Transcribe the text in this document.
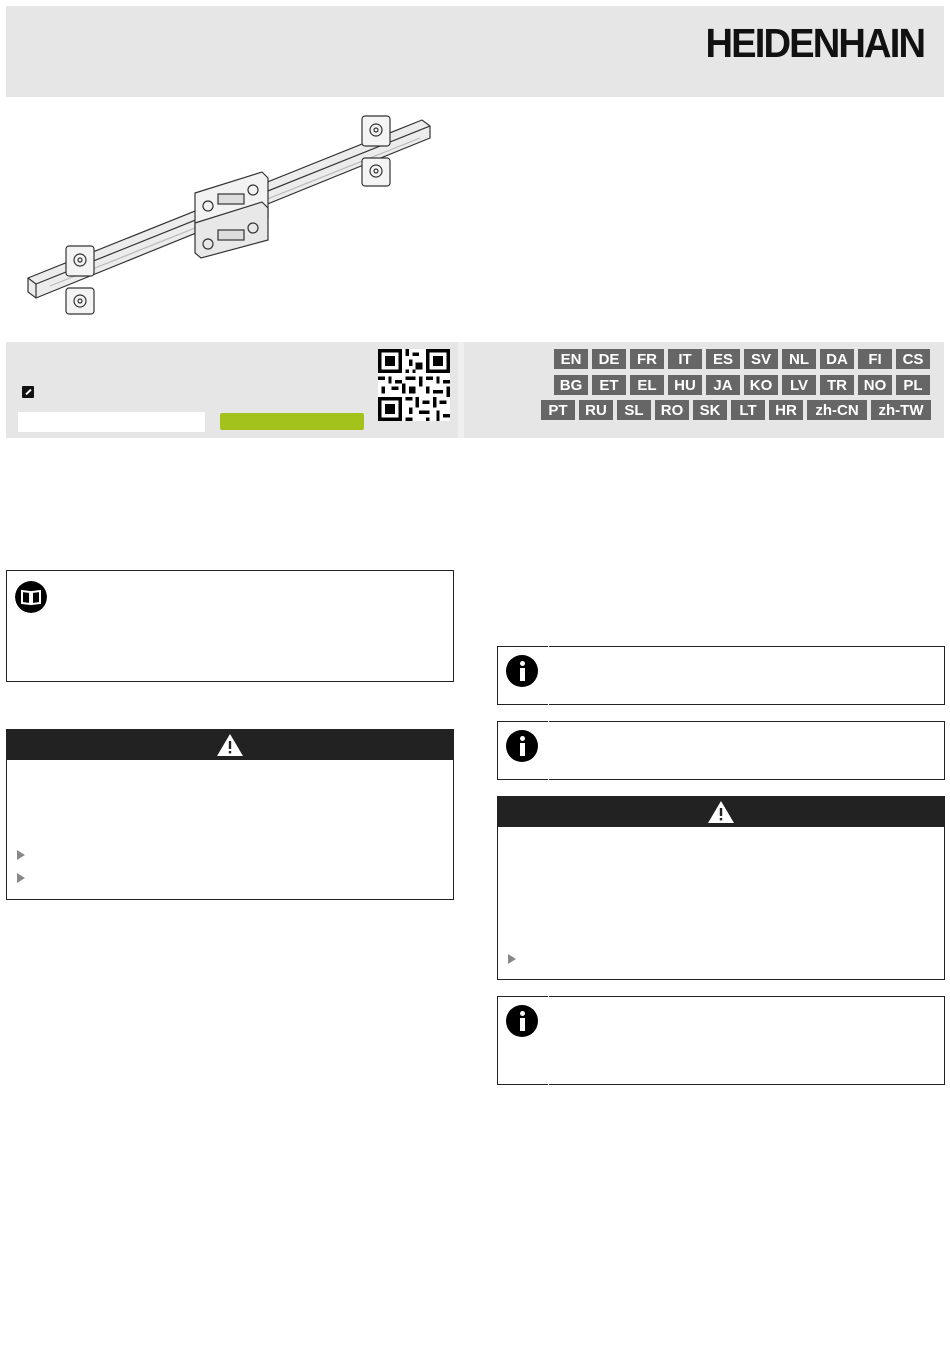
HEIDENHAIN
EN	DE	FR	IT	ES	SV	NL	DA	FI	CS
BG	ET	EL	HU	JA	KO	LV	TR	NO	PL
PT	RU	SL	RO	SK	LT	HR	zh-CN	zh-TW
